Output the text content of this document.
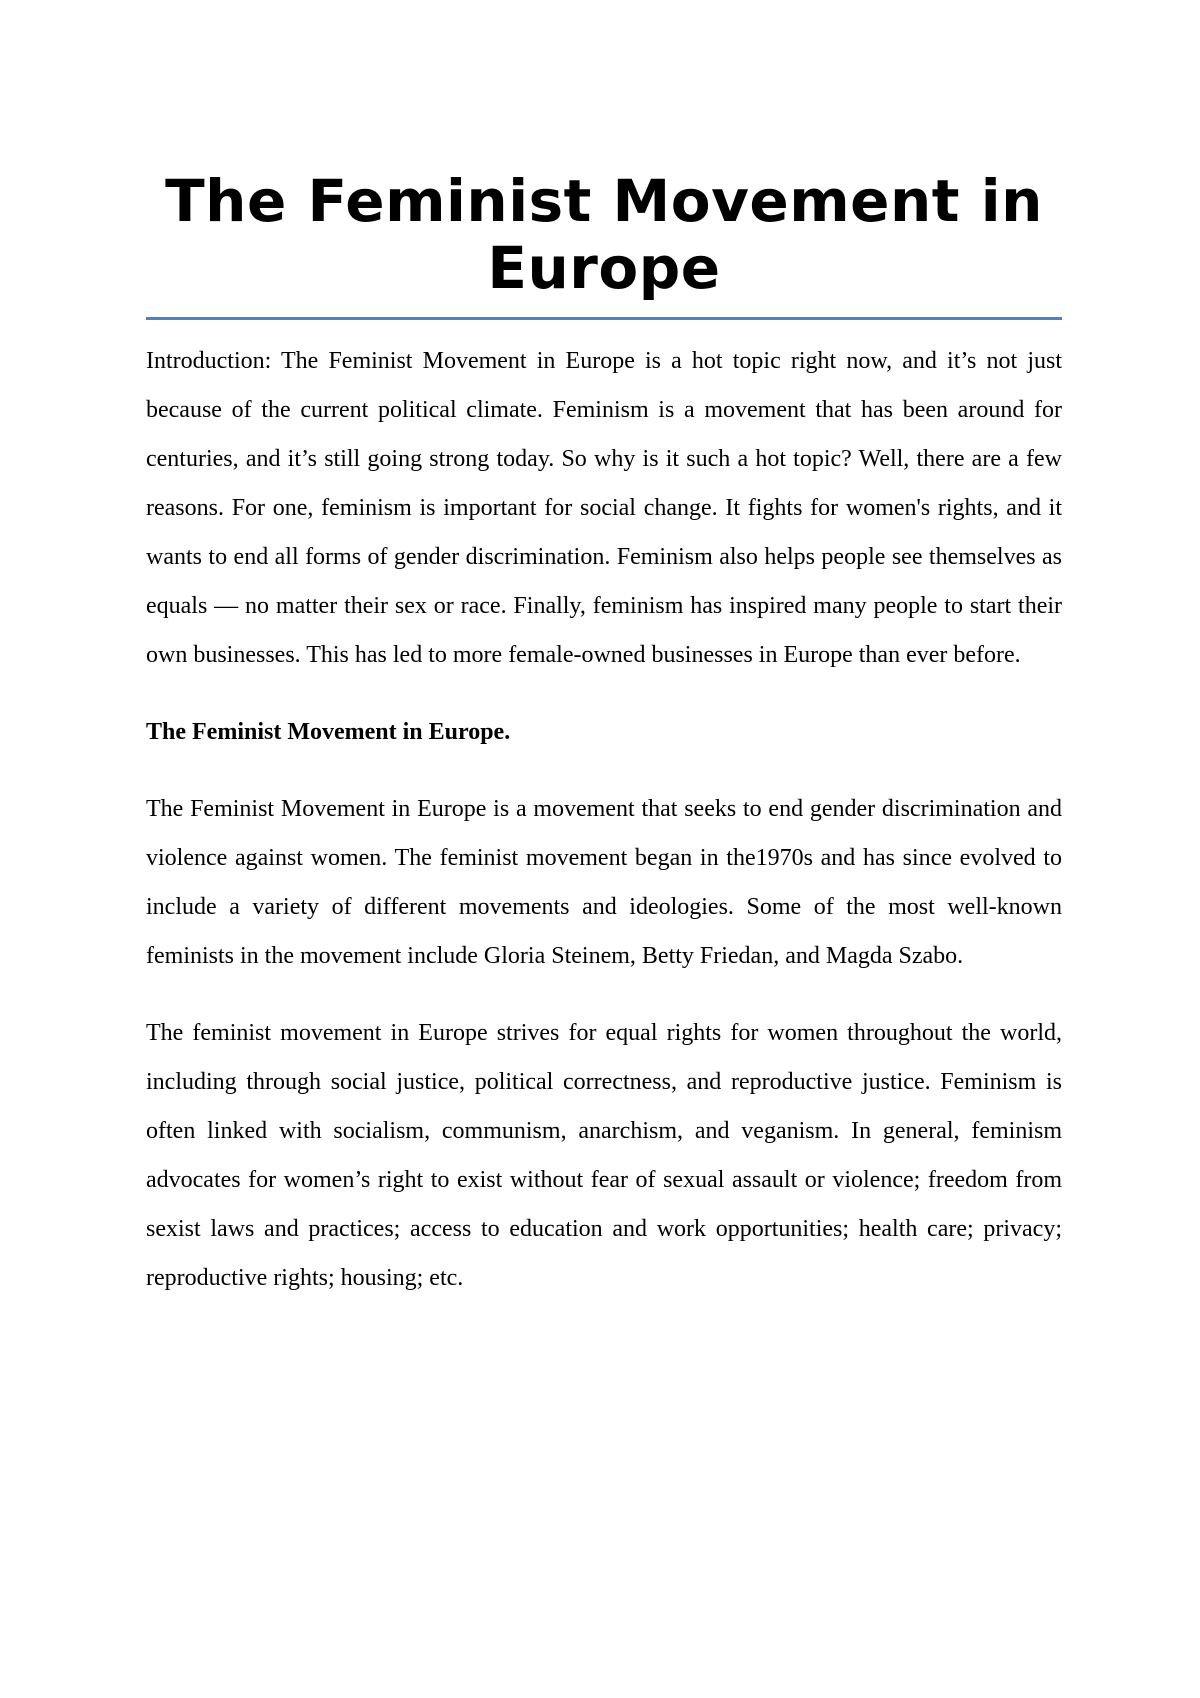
The Feminist Movement in Europe

Introduction: The Feminist Movement in Europe is a hot topic right now, and it’s not just because of the current political climate. Feminism is a movement that has been around for centuries, and it’s still going strong today. So why is it such a hot topic? Well, there are a few reasons. For one, feminism is important for social change. It fights for women's rights, and it wants to end all forms of gender discrimination. Feminism also helps people see themselves as equals — no matter their sex or race. Finally, feminism has inspired many people to start their own businesses. This has led to more female-owned businesses in Europe than ever before.

The Feminist Movement in Europe.

The Feminist Movement in Europe is a movement that seeks to end gender discrimination and violence against women. The feminist movement began in the1970s and has since evolved to include a variety of different movements and ideologies. Some of the most well-known feminists in the movement include Gloria Steinem, Betty Friedan, and Magda Szabo.

The feminist movement in Europe strives for equal rights for women throughout the world, including through social justice, political correctness, and reproductive justice. Feminism is often linked with socialism, communism, anarchism, and veganism. In general, feminism advocates for women’s right to exist without fear of sexual assault or violence; freedom from sexist laws and practices; access to education and work opportunities; health care; privacy; reproductive rights; housing; etc.
